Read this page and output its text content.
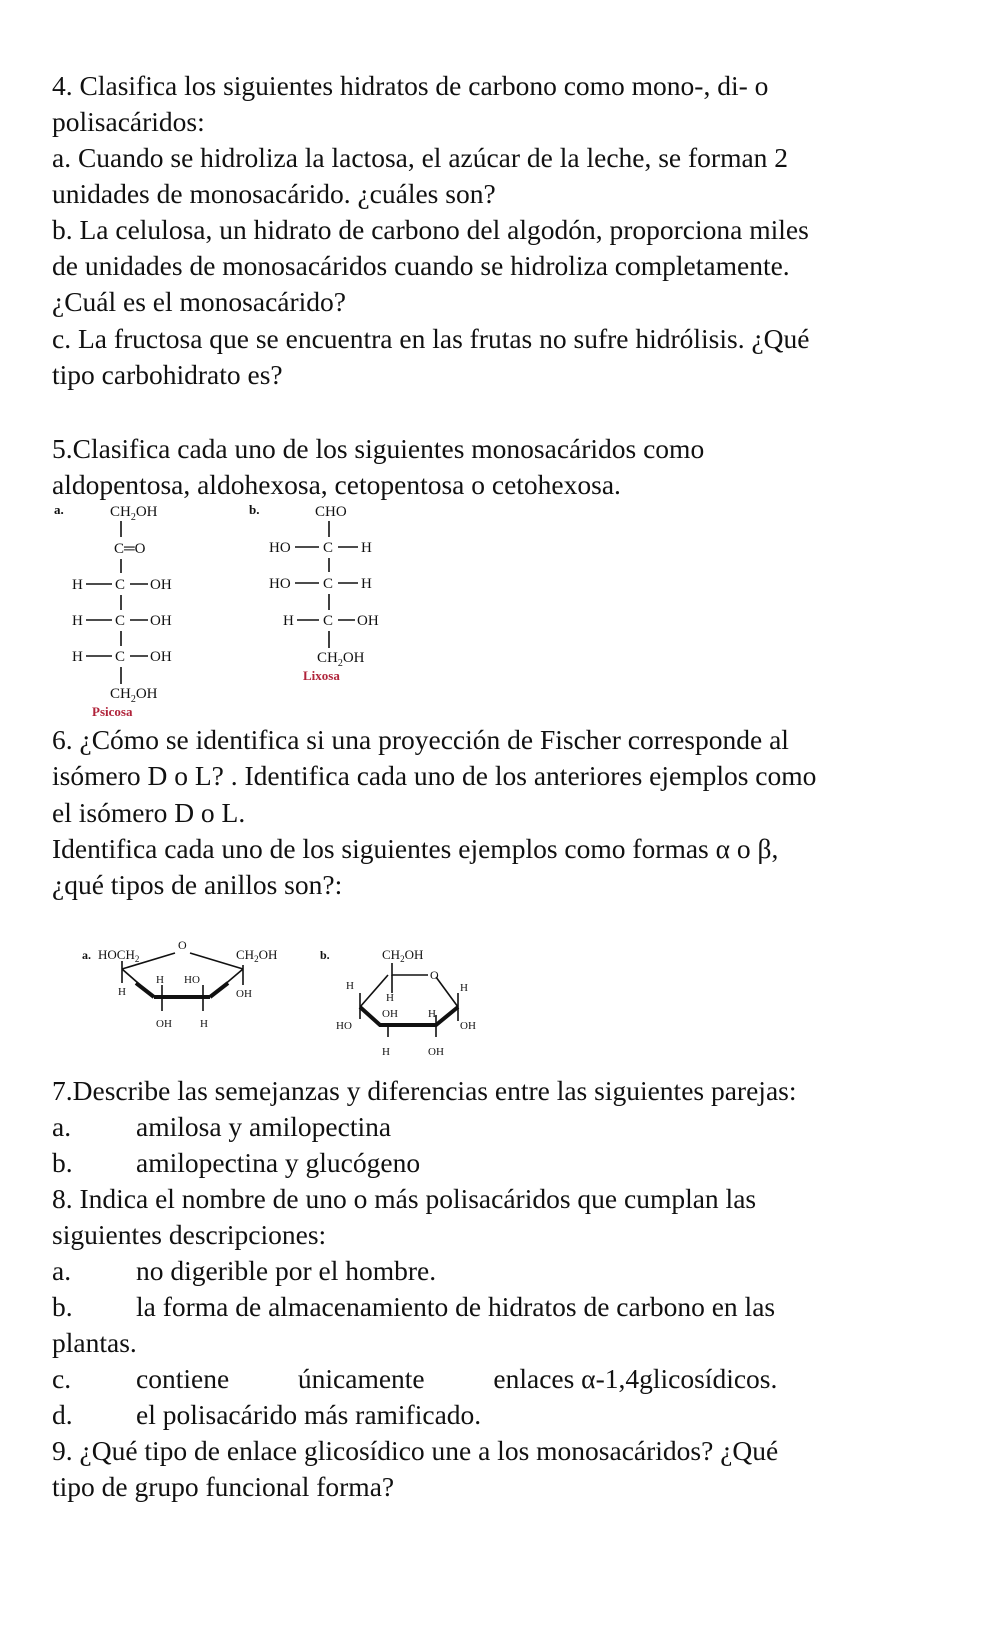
4. Clasifica los siguientes hidratos de carbono como mono-, di- o
polisacáridos:
a. Cuando se hidroliza la lactosa, el azúcar de la leche, se forman 2
unidades de monosacárido. ¿cuáles son?
b. La celulosa, un hidrato de carbono del algodón, proporciona miles
de unidades de monosacáridos cuando se hidroliza completamente.
¿Cuál es el monosacárido?
c. La fructosa que se encuentra en las frutas no sufre hidrólisis. ¿Qué
tipo carbohidrato es?
5.Clasifica cada uno de los siguientes monosacáridos como
aldopentosa, aldohexosa, cetopentosa o cetohexosa.
a.	$CH_2OH$
C═O
H C OH
H C OH
H C OH
$CH_2OH$
Psicosa
b.	CHO
HO C H
HO C H
H C OH
$CH_2OH$
Lixosa
6. ¿Cómo se identifica si una proyección de Fischer corresponde al
isómero D o L? . Identifica cada uno de los anteriores ejemplos como
el isómero D o L.
Identifica cada uno de los siguientes ejemplos como formas α o β,
¿qué tipos de anillos son?:
a. $HOCH_2$
O
$CH_2OH$
H
HO
H
OH
OH
H
b.	$CH_2OH$
O
H
H
H
OH	H
HO	OH
H	OH
7.Describe las semejanzas y diferencias entre las siguientes parejas:
a. amilosa y amilopectina
b. amilopectina y glucógeno
8. Indica el nombre de uno o más polisacáridos que cumplan las
siguientes descripciones:
a. no digerible por el hombre.
b. la forma de almacenamiento de hidratos de carbono en las
plantas.
c. contiene          únicamente          enlaces α-1,4glicosídicos.
d. el polisacárido más ramificado.
9. ¿Qué tipo de enlace glicosídico une a los monosacáridos? ¿Qué
tipo de grupo funcional forma?
